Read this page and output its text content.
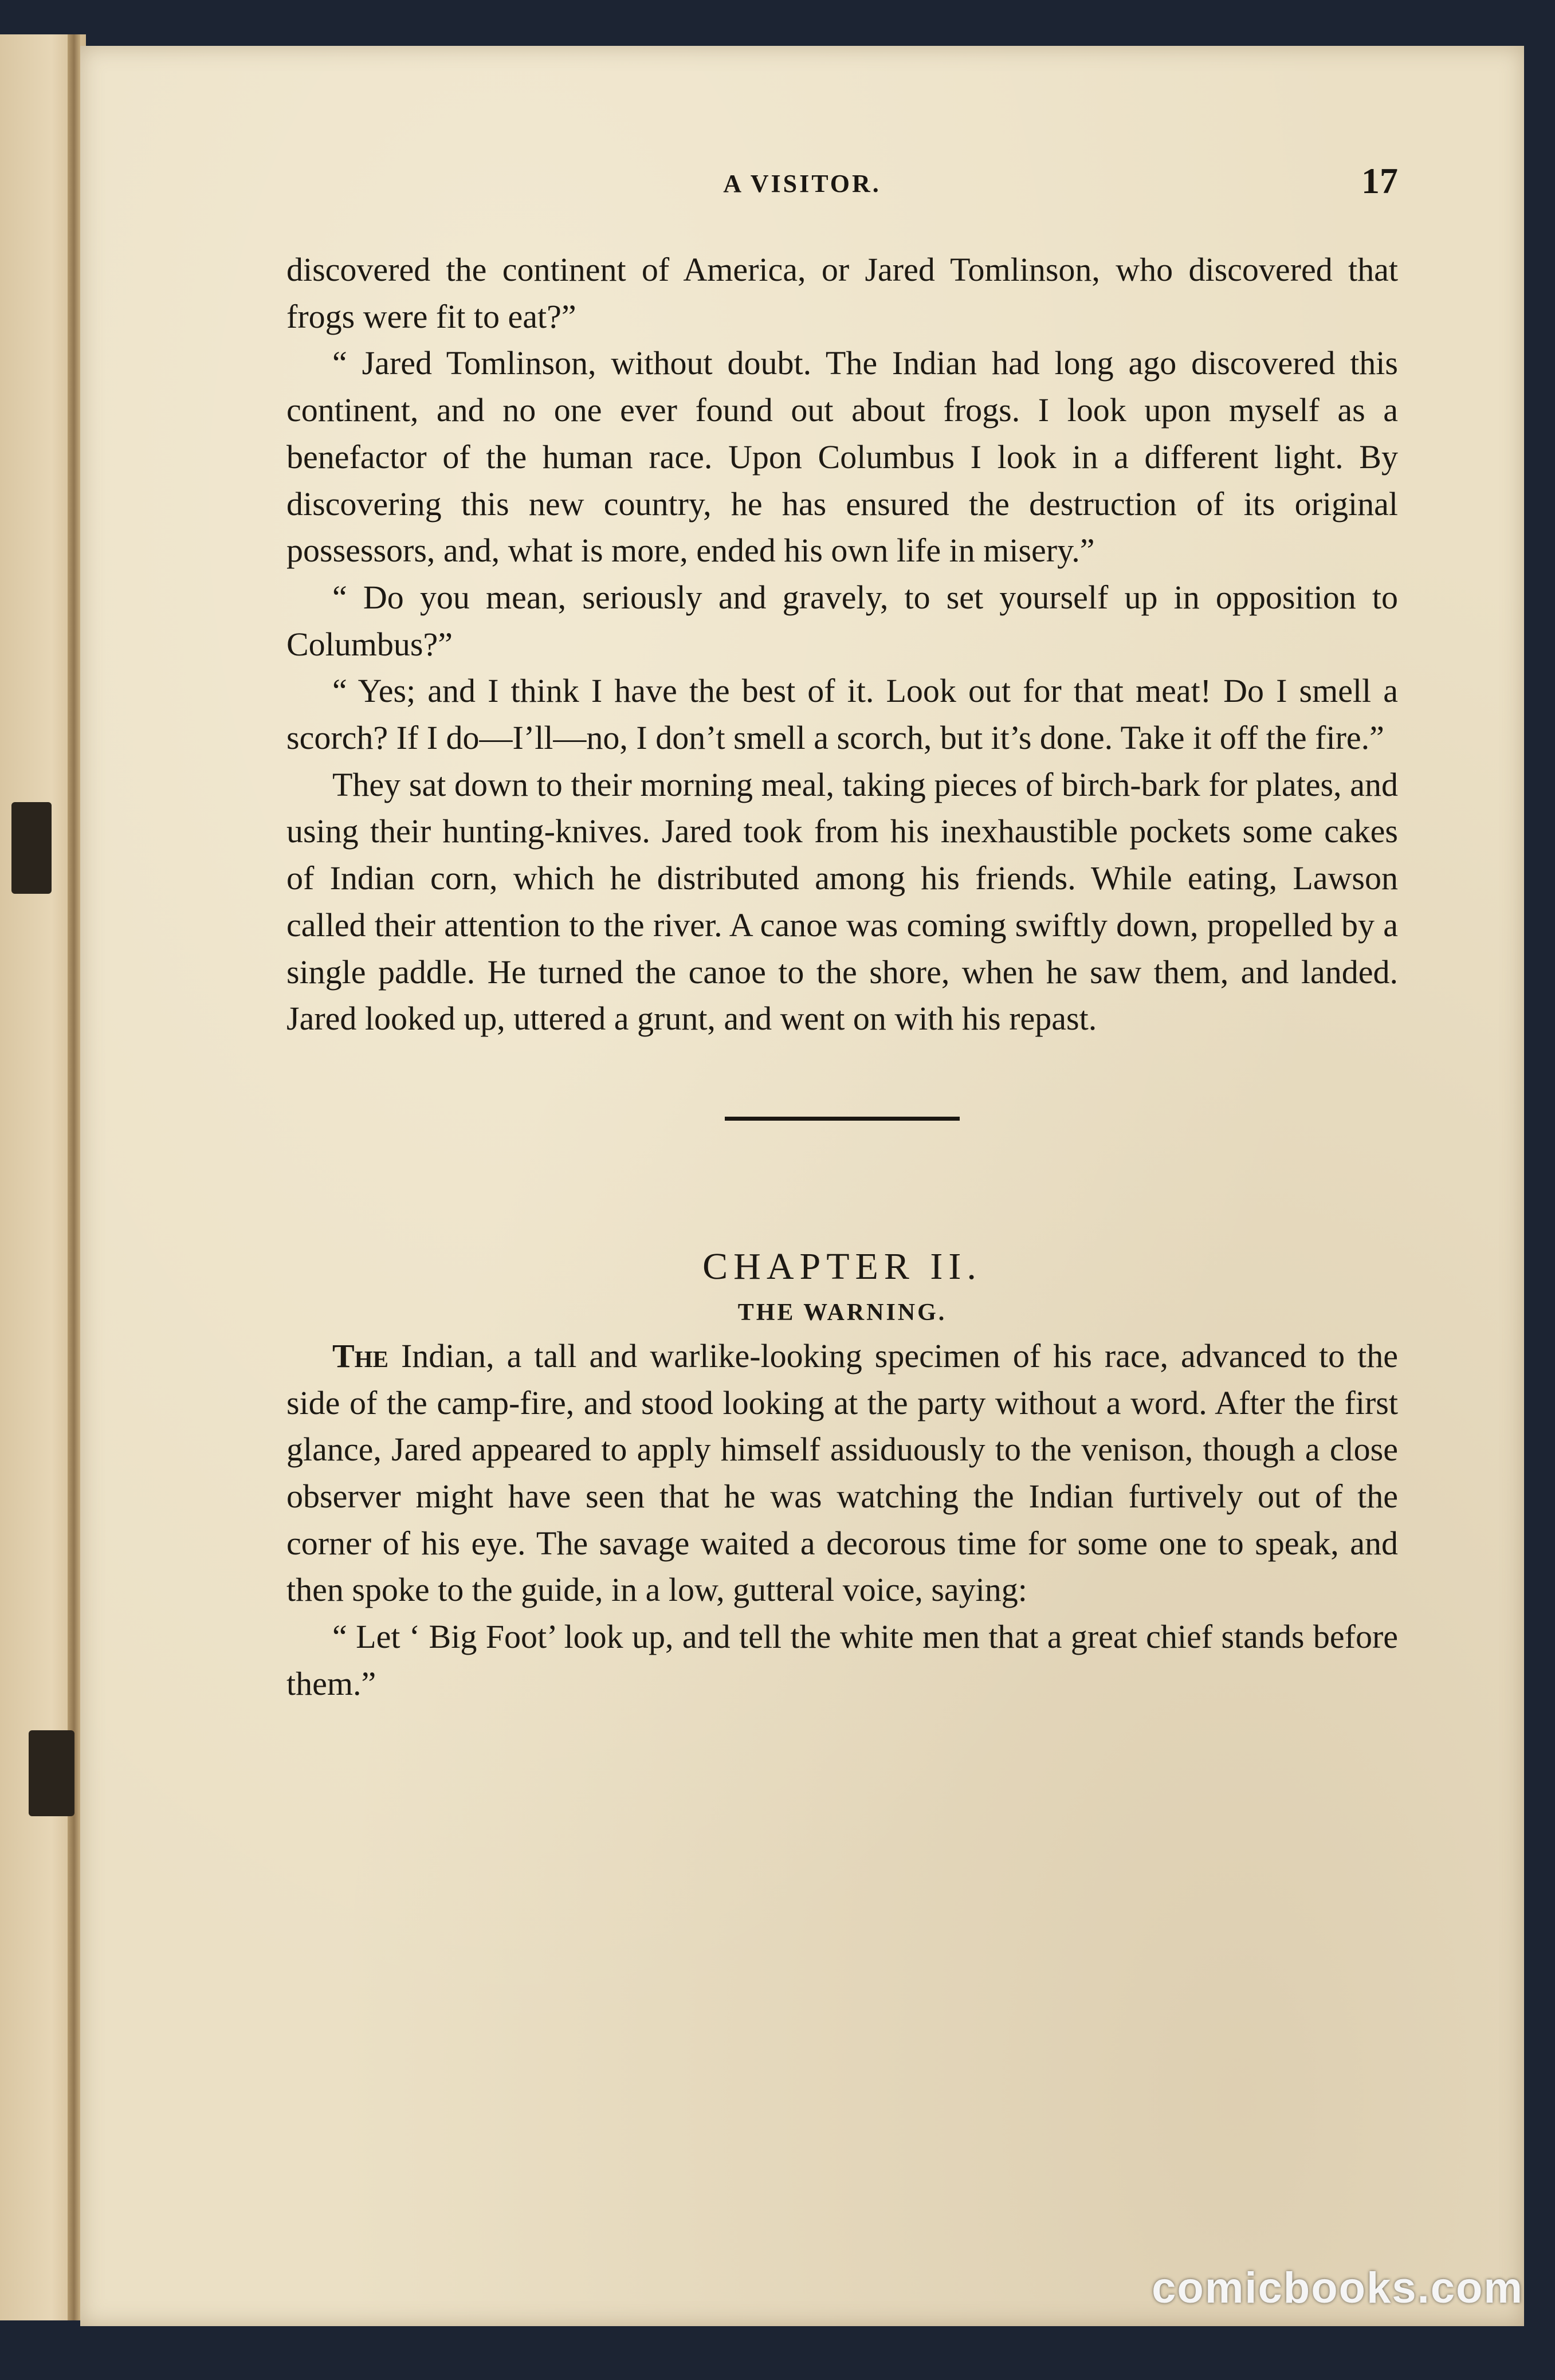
A VISITOR.	17

discovered the continent of America, or Jared Tomlinson, who discovered that frogs were fit to eat?”

“ Jared Tomlinson, without doubt. The Indian had long ago discovered this continent, and no one ever found out about frogs. I look upon myself as a benefactor of the human race. Upon Columbus I look in a different light. By discovering this new country, he has ensured the destruction of its original possessors, and, what is more, ended his own life in misery.”

“ Do you mean, seriously and gravely, to set yourself up in opposition to Columbus?”

“ Yes; and I think I have the best of it. Look out for that meat! Do I smell a scorch? If I do—I’ll—no, I don’t smell a scorch, but it’s done. Take it off the fire.”

They sat down to their morning meal, taking pieces of birch-bark for plates, and using their hunting-knives. Jared took from his inexhaustible pockets some cakes of Indian corn, which he distributed among his friends. While eating, Lawson called their attention to the river. A canoe was coming swiftly down, propelled by a single paddle. He turned the canoe to the shore, when he saw them, and landed. Jared looked up, uttered a grunt, and went on with his repast.

CHAPTER II.

THE WARNING.

The Indian, a tall and warlike-looking specimen of his race, advanced to the side of the camp-fire, and stood looking at the party without a word. After the first glance, Jared appeared to apply himself assiduously to the venison, though a close observer might have seen that he was watching the Indian furtively out of the corner of his eye. The savage waited a decorous time for some one to speak, and then spoke to the guide, in a low, gutteral voice, saying:

“ Let ‘ Big Foot’ look up, and tell the white men that a great chief stands before them.”

comicbooks.com
